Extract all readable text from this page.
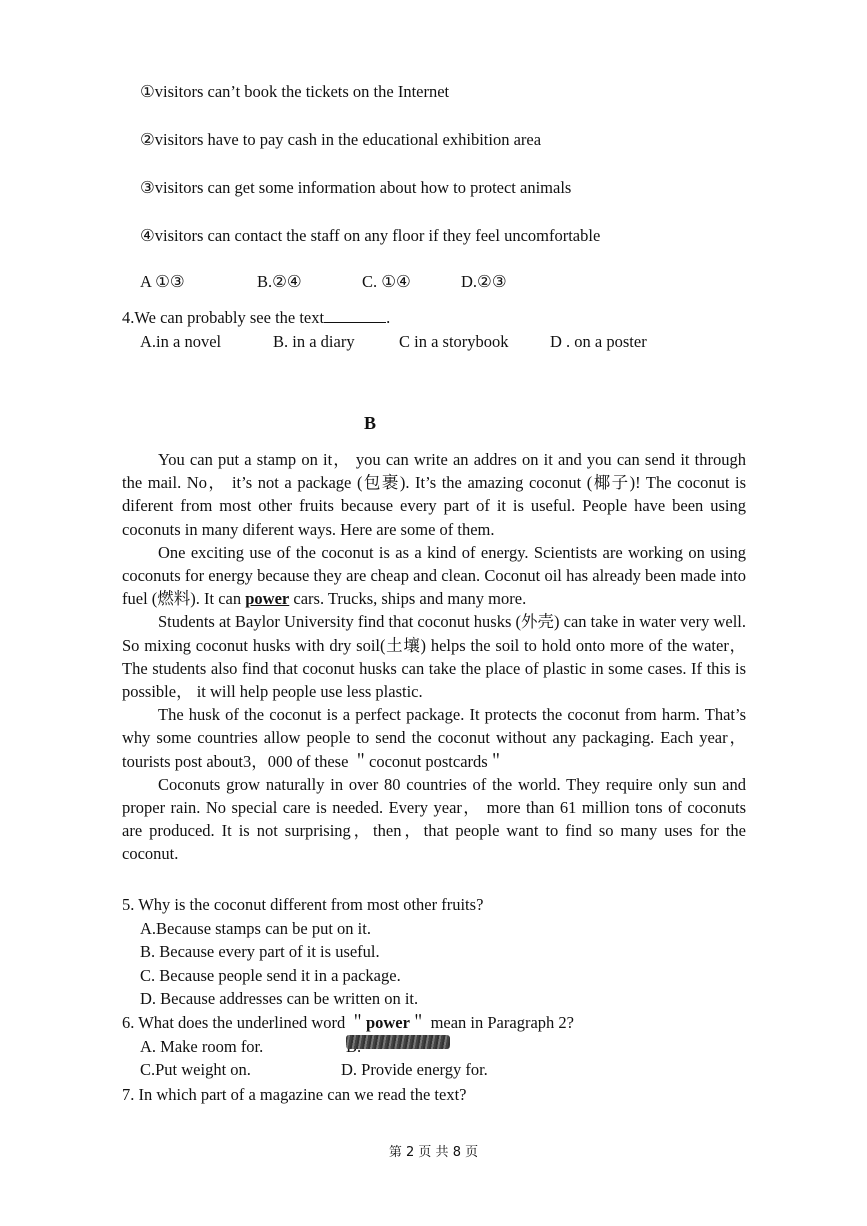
①visitors can’t book the tickets on the Internet
②visitors have to pay cash in the educational exhibition area
③visitors can get some information about how to protect animals
④visitors can contact the staff on any floor if they feel uncomfortable
A ①③	B.②④	C. ①④	D.②③
4.We can probably see the text	.
A.in a novel	B. in a diary	C in a storybook	D . on a poster
B

You can put a stamp on it， you can write an addres on it and you can send it through the mail. No， it’s not a package (包裹). It’s the amazing coconut (椰子)! The coconut is diferent from most other fruits because every part of it is useful. People have been using coconuts in many diferent ways. Here are some of them.

One exciting use of the coconut is as a kind of energy. Scientists are working on using coconuts for energy because they are cheap and clean. Coconut oil has already been made into fuel (燃料). It can power cars. Trucks, ships and many more.

Students at Baylor University find that coconut husks (外壳) can take in water very well. So mixing coconut husks with dry soil(土壤) helps the soil to hold onto more of the water， The students also find that coconut husks can take the place of plastic in some cases. If this is possible， it will help people use less plastic.

The husk of the coconut is a perfect package. It protects the coconut from harm. That’s why some countries allow people to send the coconut without any packaging. Each year， tourists post about3，000 of these ＂coconut postcards＂

Coconuts grow naturally in over 80 countries of the world. They require only sun and proper rain. No special care is needed. Every year， more than 61 million tons of coconuts are produced. It is not surprising，then，that people want to find so many uses for the coconut.

5. Why is the coconut different from most other fruits?
A.Because stamps can be put on it.
B. Because every part of it is useful.
C. Because people send it in a package.
D. Because addresses can be written on it.
6. What does the underlined word ＂power＂ mean in Paragraph 2?
A. Make room for.
C.Put weight on.	D. Provide energy for.
7. In which part of a magazine can we read the text?
第 2 页 共 8 页
